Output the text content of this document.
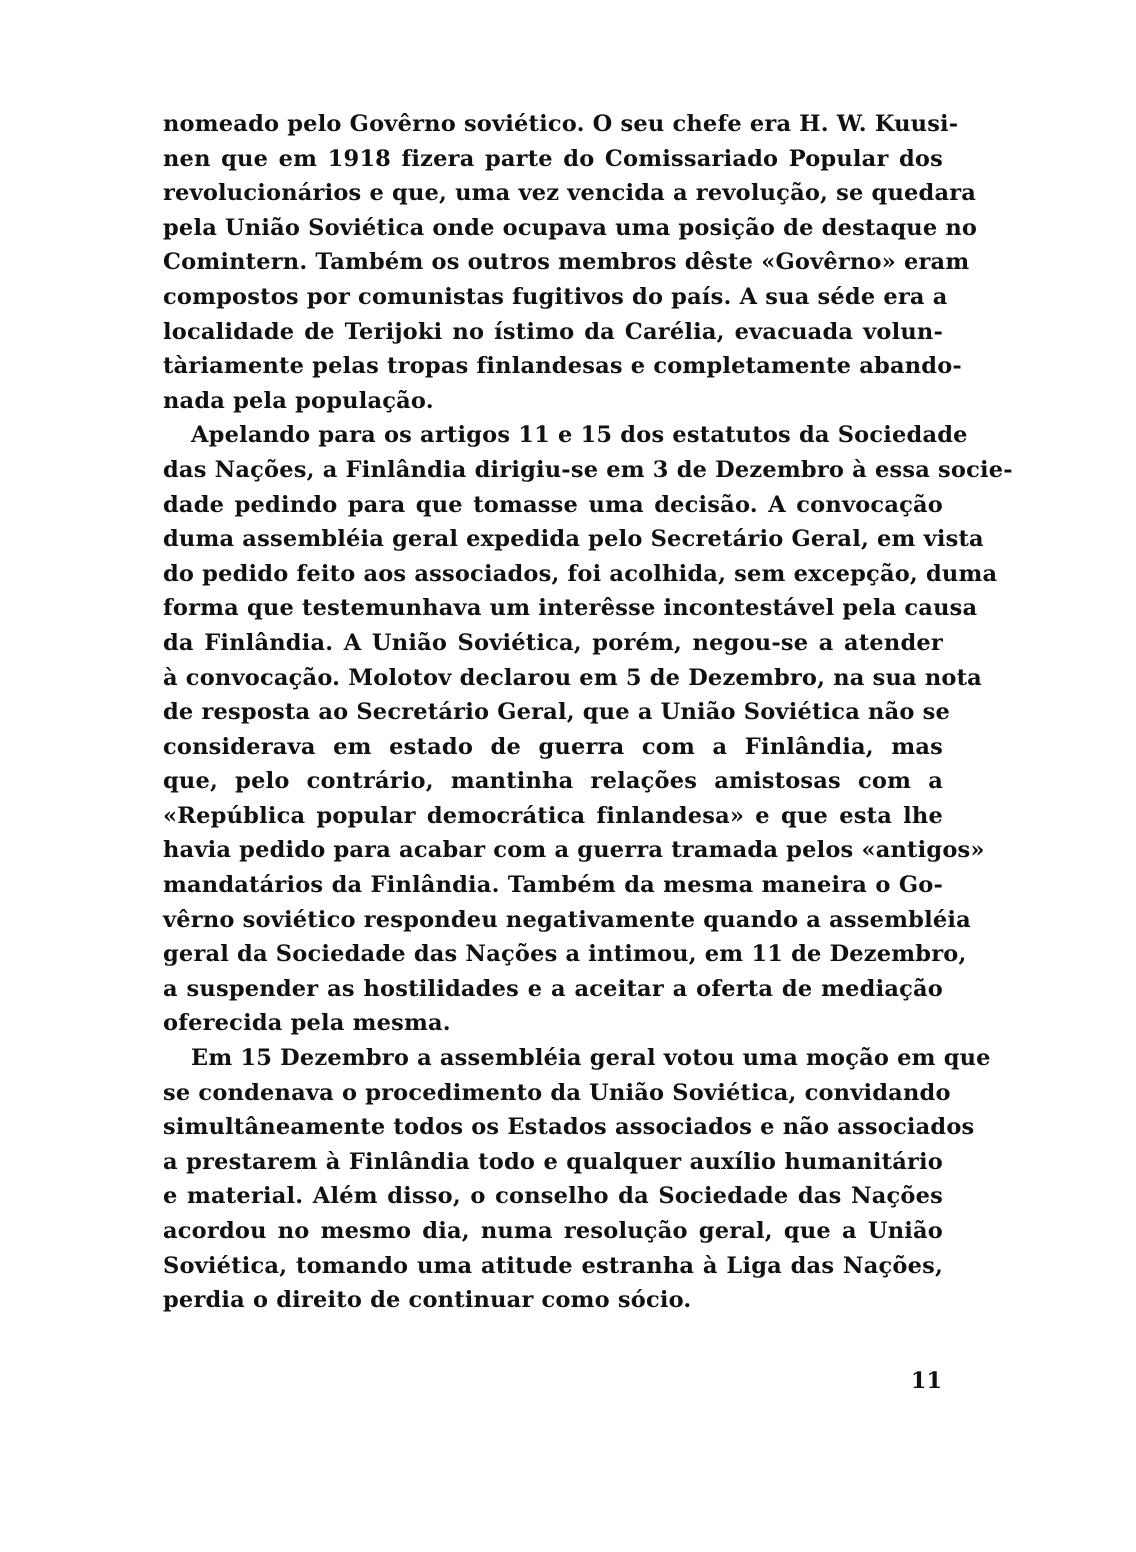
nomeado pelo Govêrno soviético. O seu chefe era H. W. Kuusi-
nen que em 1918 fizera parte do Comissariado Popular dos
revolucionários e que, uma vez vencida a revolução, se quedara
pela União Soviética onde ocupava uma posição de destaque no
Comintern. Também os outros membros dêste «Govêrno» eram
compostos por comunistas fugitivos do país. A sua séde era a
localidade de Terijoki no ístimo da Carélia, evacuada volun-
tàriamente pelas tropas finlandesas e completamente abando-
nada pela população.
Apelando para os artigos 11 e 15 dos estatutos da Sociedade
das Nações, a Finlândia dirigiu-se em 3 de Dezembro à essa socie-
dade pedindo para que tomasse uma decisão. A convocação
duma assembléia geral expedida pelo Secretário Geral, em vista
do pedido feito aos associados, foi acolhida, sem excepção, duma
forma que testemunhava um interêsse incontestável pela causa
da Finlândia. A União Soviética, porém, negou-se a atender
à convocação. Molotov declarou em 5 de Dezembro, na sua nota
de resposta ao Secretário Geral, que a União Soviética não se
considerava em estado de guerra com a Finlândia, mas
que, pelo contrário, mantinha relações amistosas com a
«República popular democrática finlandesa» e que esta lhe
havia pedido para acabar com a guerra tramada pelos «antigos»
mandatários da Finlândia. Também da mesma maneira o Go-
vêrno soviético respondeu negativamente quando a assembléia
geral da Sociedade das Nações a intimou, em 11 de Dezembro,
a suspender as hostilidades e a aceitar a oferta de mediação
oferecida pela mesma.
Em 15 Dezembro a assembléia geral votou uma moção em que
se condenava o procedimento da União Soviética, convidando
simultâneamente todos os Estados associados e não associados
a prestarem à Finlândia todo e qualquer auxílio humanitário
e material. Além disso, o conselho da Sociedade das Nações
acordou no mesmo dia, numa resolução geral, que a União
Soviética, tomando uma atitude estranha à Liga das Nações,
perdia o direito de continuar como sócio.
11
